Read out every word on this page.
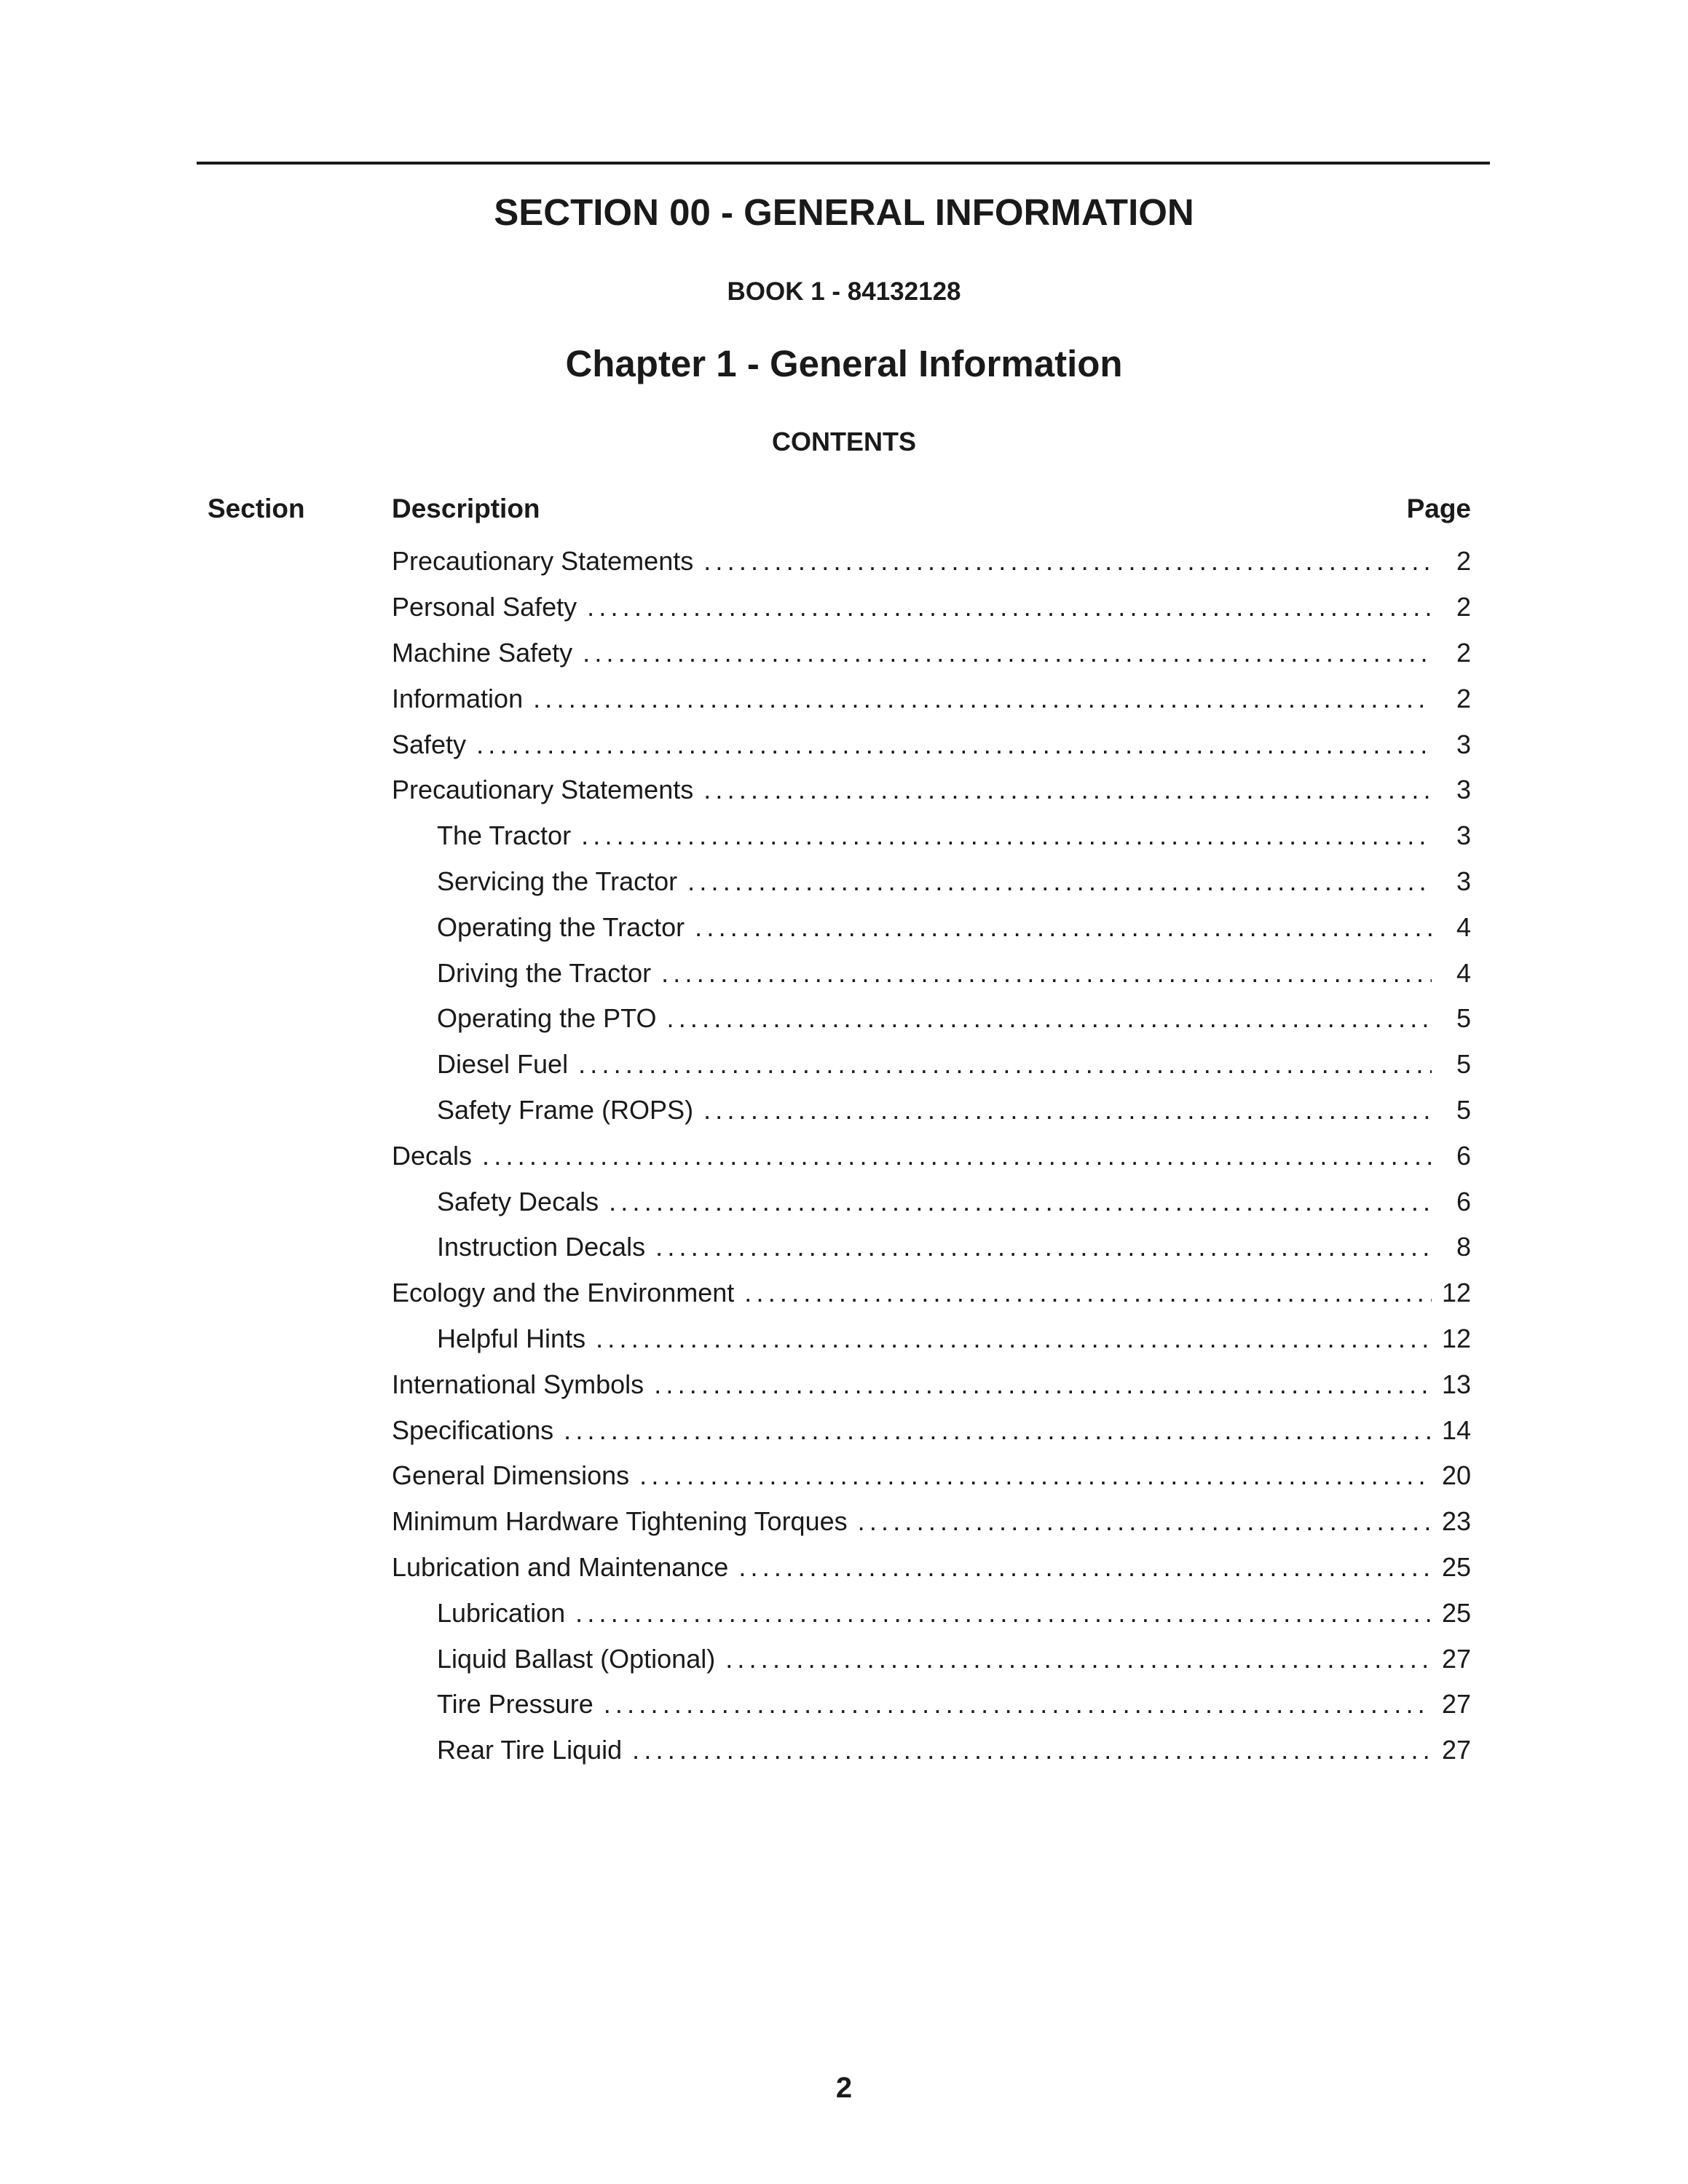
SECTION 00 - GENERAL INFORMATION
BOOK 1 - 84132128
Chapter 1 - General Information
CONTENTS
Section	Description	Page
Precautionary Statements .....	2
Personal Safety .....	2
Machine Safety .....	2
Information .....	2
Safety .....	3
Precautionary Statements .....	3
The Tractor .....	3
Servicing the Tractor .....	3
Operating the Tractor .....	4
Driving the Tractor .....	4
Operating the PTO .....	5
Diesel Fuel .....	5
Safety Frame (ROPS) .....	5
Decals .....	6
Safety Decals .....	6
Instruction Decals .....	8
Ecology and the Environment .....	12
Helpful Hints .....	12
International Symbols .....	13
Specifications .....	14
General Dimensions .....	20
Minimum Hardware Tightening Torques .....	23
Lubrication and Maintenance .....	25
Lubrication .....	25
Liquid Ballast (Optional) .....	27
Tire Pressure .....	27
Rear Tire Liquid .....	27
2
